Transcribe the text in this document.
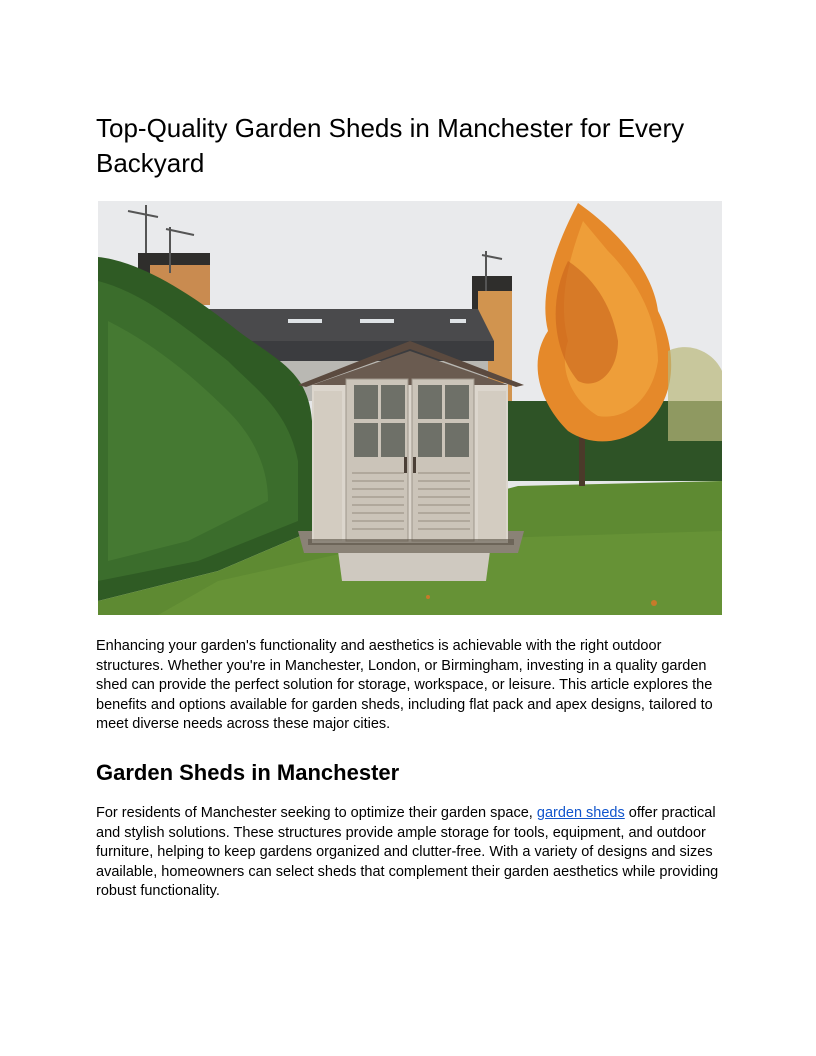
Top-Quality Garden Sheds in Manchester for Every Backyard

Enhancing your garden's functionality and aesthetics is achievable with the right outdoor structures. Whether you're in Manchester, London, or Birmingham, investing in a quality garden shed can provide the perfect solution for storage, workspace, or leisure. This article explores the benefits and options available for garden sheds, including flat pack and apex designs, tailored to meet diverse needs across these major cities.

Garden Sheds in Manchester

For residents of Manchester seeking to optimize their garden space, garden sheds offer practical and stylish solutions. These structures provide ample storage for tools, equipment, and outdoor furniture, helping to keep gardens organized and clutter-free. With a variety of designs and sizes available, homeowners can select sheds that complement their garden aesthetics while providing robust functionality.
